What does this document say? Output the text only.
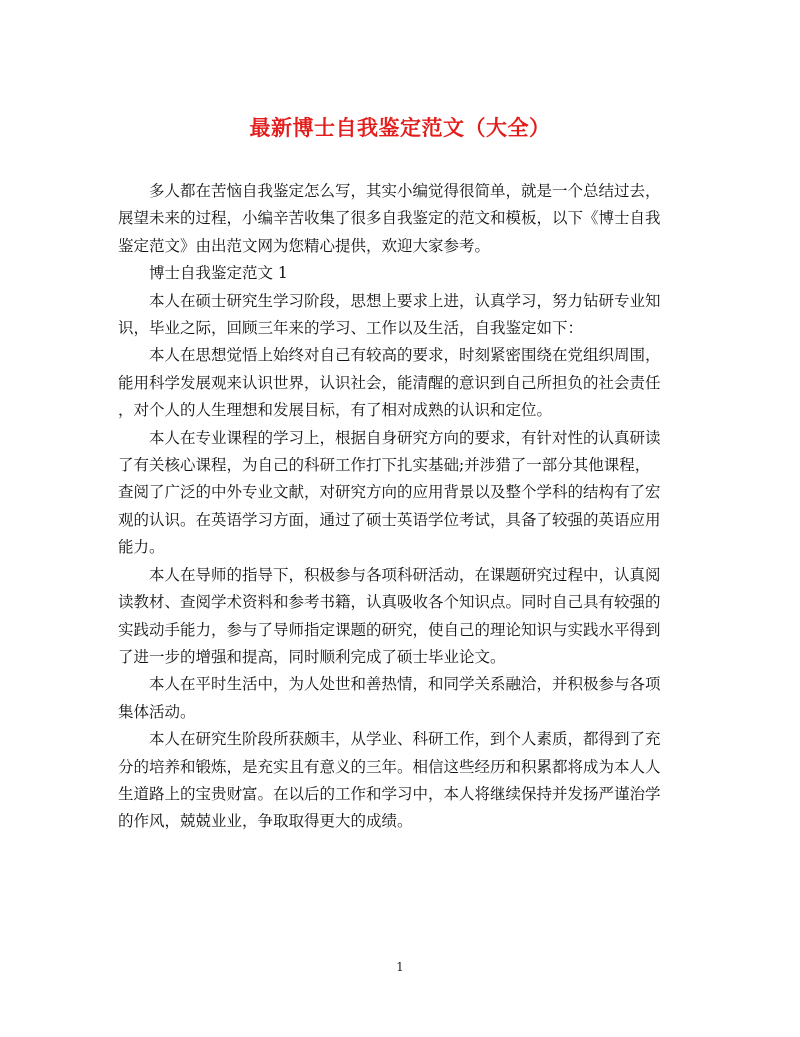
最新博士自我鉴定范文（大全）
多人都在苦恼自我鉴定怎么写，其实小编觉得很简单，就是一个总结过去，
展望未来的过程，小编辛苦收集了很多自我鉴定的范文和模板，以下《博士自我
鉴定范文》由出范文网为您精心提供，欢迎大家参考。
博士自我鉴定范文 1
本人在硕士研究生学习阶段，思想上要求上进，认真学习，努力钻研专业知
识，毕业之际，回顾三年来的学习、工作以及生活，自我鉴定如下：
本人在思想觉悟上始终对自己有较高的要求，时刻紧密围绕在党组织周围，
能用科学发展观来认识世界，认识社会，能清醒的意识到自己所担负的社会责任
，对个人的人生理想和发展目标，有了相对成熟的认识和定位。
本人在专业课程的学习上，根据自身研究方向的要求，有针对性的认真研读
了有关核心课程，为自己的科研工作打下扎实基础;并涉猎了一部分其他课程，
查阅了广泛的中外专业文献，对研究方向的应用背景以及整个学科的结构有了宏
观的认识。在英语学习方面，通过了硕士英语学位考试，具备了较强的英语应用
能力。
本人在导师的指导下，积极参与各项科研活动，在课题研究过程中，认真阅
读教材、查阅学术资料和参考书籍，认真吸收各个知识点。同时自己具有较强的
实践动手能力，参与了导师指定课题的研究，使自己的理论知识与实践水平得到
了进一步的增强和提高，同时顺利完成了硕士毕业论文。
本人在平时生活中，为人处世和善热情，和同学关系融洽，并积极参与各项
集体活动。
本人在研究生阶段所获颇丰，从学业、科研工作，到个人素质，都得到了充
分的培养和锻炼，是充实且有意义的三年。相信这些经历和积累都将成为本人人
生道路上的宝贵财富。在以后的工作和学习中，本人将继续保持并发扬严谨治学
的作风，兢兢业业，争取取得更大的成绩。
1
